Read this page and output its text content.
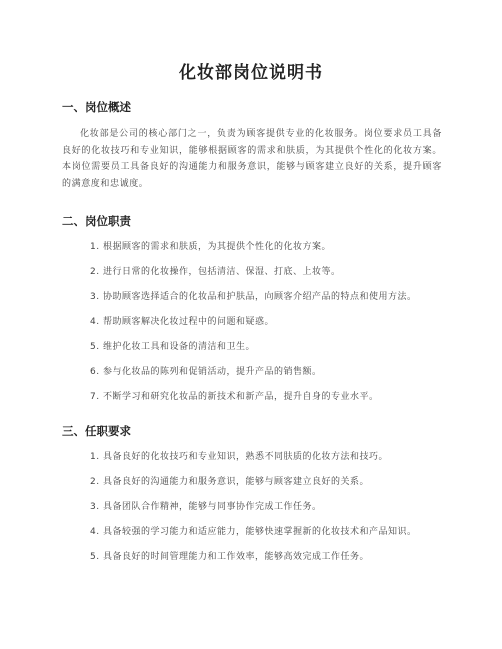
化妆部岗位说明书
一、岗位概述

化妆部是公司的核心部门之一，负责为顾客提供专业的化妆服务。岗位要求员工具备良好的化妆技巧和专业知识，能够根据顾客的需求和肤质，为其提供个性化的化妆方案。本岗位需要员工具备良好的沟通能力和服务意识，能够与顾客建立良好的关系，提升顾客的满意度和忠诚度。

二、岗位职责

1. 根据顾客的需求和肤质，为其提供个性化的化妆方案。

2. 进行日常的化妆操作，包括清洁、保湿、打底、上妆等。

3. 协助顾客选择适合的化妆品和护肤品，向顾客介绍产品的特点和使用方法。

4. 帮助顾客解决化妆过程中的问题和疑惑。

5. 维护化妆工具和设备的清洁和卫生。

6. 参与化妆品的陈列和促销活动，提升产品的销售额。

7. 不断学习和研究化妆品的新技术和新产品，提升自身的专业水平。

三、任职要求

1. 具备良好的化妆技巧和专业知识，熟悉不同肤质的化妆方法和技巧。

2. 具备良好的沟通能力和服务意识，能够与顾客建立良好的关系。

3. 具备团队合作精神，能够与同事协作完成工作任务。

4. 具备较强的学习能力和适应能力，能够快速掌握新的化妆技术和产品知识。

5. 具备良好的时间管理能力和工作效率，能够高效完成工作任务。
